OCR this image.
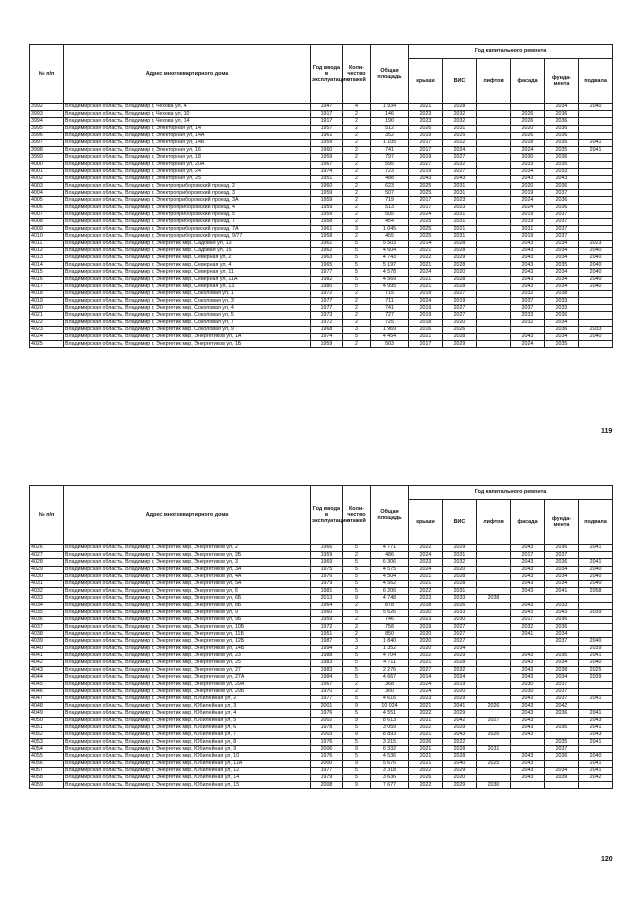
№ п/п	Адрес многоквартирного дома	Год ввода в эксплуатацию	Коли-чество этажей	Общая площадь	Год капитального ремонта					
					крыши	ВИС	лифтов	фасада	фунда-мента	подвала
3992	Владимирская область, Владимир г, Чехова ул, 4	1947	4	1 934	2021	2028			2034	2040
3993	Владимирская область, Владимир г, Чехова ул, 10	1917	2	146	2023	2032		2026	2036	
3994	Владимирская область, Владимир г, Чехова ул, 14	1917	2	190	2023	2032		2026	2036	
3995	Владимирская область, Владимир г, Электорная ул, 14	1957	2	512	2026	2031		2020	2036	
3996	Владимирская область, Владимир г, Электорная ул, 14А	1961	2	352	2019	2025		2026	2036	
3997	Владимирская область, Владимир г, Электорная ул, 14Б	1959	2	1 105	2017	2022		2028	2035	2041
3998	Владимирская область, Владимир г, Электорная ул, 16	1960	2	741	2017	2024		2024	2035	2041
3999	Владимирская область, Владимир г, Электорная ул, 18	1959	2	797	2019	2027		2030	2036	
4000	Владимирская область, Владимир г, Электорная ул, 20А	1967	2	595	2027	2032		2033	2035	
4001	Владимирская область, Владимир г, Электорная ул, 24	1974	2	723	2019	2027		2034	2033	
4002	Владимирская область, Владимир г, Электорная ул, 25	1951	2	488	2043	2043		2043	2043	
4003	Владимирская область, Владимир г, Электроприборовский проезд, 2	1960	2	623	2025	2031		2020	2036	
4004	Владимирская область, Владимир г, Электроприборовский проезд, 3	1959	2	507	2025	2031		2019	2037	
4005	Владимирская область, Владимир г, Электроприборовский проезд, 3А	1959	2	719	2017	2023		2024	2036	
4006	Владимирская область, Владимир г, Электроприборовский проезд, 4	1959	2	513	2017	2023		2024	2036	
4007	Владимирская область, Владимир г, Электроприборовский проезд, 5	1959	2	505	2024	2031		2019	2037	
4008	Владимирская область, Владимир г, Электроприборовский проезд, 7	1958	2	454	2025	2031		2019	2037	
4009	Владимирская область, Владимир г, Электроприборовский проезд, 7А	1961	3	1 045	2025	2021		2031	2037	
4010	Владимирская область, Владимир г, Электроприборовский проезд, 9/77	1958	2	455	2025	2031		2019	2037	
4011	Владимирская область, Владимир г, Энергетик мкр, Садовая ул, 13	1961	5	5 503	2014	2028		2043	2034	2023
4012	Владимирская область, Владимир г, Энергетик мкр, Садовая ул, 15	1962	5	4 604	2021	2028		2043	2034	2040
4013	Владимирская область, Владимир г, Энергетик мкр, Северная ул, 2	1963	5	4 743	2022	2029		2043	2034	2040
4014	Владимирская область, Владимир г, Энергетик мкр, Северная ул, 4	1965	5	5 197	2021	2028		2043	2035	2040
4015	Владимирская область, Владимир г, Энергетик мкр, Северная ул, 11	1977	5	4 578	2024	2020		2043	2034	2040
4016	Владимирская область, Владимир г, Энергетик мкр, Северная ул, 11А	1982	5	4 569	2021	2028		2043	2034	2040
4017	Владимирская область, Владимир г, Энергетик мкр, Северная ул, 13	1980	5	4 995	2021	2028		2043	2034	2040
4018	Владимирская область, Владимир г, Энергетик мкр, Соколовая ул, 1	1972	2	715	2019	2027		2032	2038	
4019	Владимирская область, Владимир г, Энергетик мкр, Соколовая ул, 3	1977	2	711	2024	2019		2037	2033	
4020	Владимирская область, Владимир г, Энергетик мкр, Соколовая ул, 4	1977	2	741	2019	2027		2037	2033	
4021	Владимирская область, Владимир г, Энергетик мкр, Соколовая ул, 5	1973	2	727	2019	2027		2033	2036	
4022	Владимирская область, Владимир г, Энергетик мкр, Соколовая ул, 7	1972	2	725	2018	2020		2032	2034	
4023	Владимирская область, Владимир г, Энергетик мкр, Соколовая ул, 9	1968	3	1 969	2016	2026			2036	2033
4024	Владимирская область, Владимир г, Энергетик мкр, Энергетиков ул, 1А	1974	5	4 454	2021	2028		2043	2034	2040
4025	Владимирская область, Владимир г, Энергетик мкр, Энергетиков ул, 1Б	1959	2	503	2017	2029		2024	2035	
119
№ п/п	Адрес многоквартирного дома	Год ввода в эксплуатацию	Коли-чество этажей	Общая площадь	Год капитального ремонта					
					крыши	ВИС	лифтов	фасада	фунда-мента	подвала
4026	Владимирская область, Владимир г, Энергетик мкр, Энергетиков ул, 2	1966	5	4 771	2022	2029		2043	2036	2041
4027	Владимирская область, Владимир г, Энергетик мкр, Энергетиков ул, 2Б	1959	2	486	2024	2031		2017	2037	
4028	Владимирская область, Владимир г, Энергетик мкр, Энергетиков ул, 3	1969	5	6 306	2023	2032		2043	2036	2041
4029	Владимирская область, Владимир г, Энергетик мкр, Энергетиков ул, 3А	1975	5	4 575	2024	2020		2043	2034	2040
4030	Владимирская область, Владимир г, Энергетик мкр, Энергетиков ул, 4А	1976	5	4 504	2021	2028		2043	2034	2040
4031	Владимирская область, Владимир г, Энергетик мкр, Энергетиков ул, 5А	1979	5	4 562	2021	2028		2043	2034	2040
4032	Владимирская область, Владимир г, Энергетик мкр, Энергетиков ул, 6	1981	5	6 206	2022	2031		2043	2041	2058
4033	Владимирская область, Владимир г, Энергетик мкр, Энергетиков ул, 6Б	2013	9	4 748	2023	2033	2038			
4034	Владимирская область, Владимир г, Энергетик мкр, Энергетиков ул, 8Б	1964	2	878	2018	2026		2043	2033	
4035	Владимирская область, Владимир г, Энергетик мкр, Энергетиков ул, 9	1960	5	5 626	2020	2033		2043	2043	2039
4036	Владимирская область, Владимир г, Энергетик мкр, Энергетиков ул, 9Б	1959	2	746	2023	2030		2017	2036	
4037	Владимирская область, Владимир г, Энергетик мкр, Энергетиков ул, 10Б	1972	2	758	2019	2027		2032	2036	
4038	Владимирская область, Владимир г, Энергетик мкр, Энергетиков ул, 11Б	1951	2	850	2020	2027		2041	2034	
4039	Владимирская область, Владимир г, Энергетик мкр, Энергетиков ул, 12Б	1987	3	1 840	2020	2027			2037	2040
4040	Владимирская область, Владимир г, Энергетик мкр, Энергетиков ул, 14Б	1994	3	1 352	2020	2034				2039
4041	Владимирская область, Владимир г, Энергетик мкр, Энергетиков ул, 23	1988	5	4 704	2022	2029		2043	2036	2041
4042	Владимирская область, Владимир г, Энергетик мкр, Энергетиков ул, 25	1983	5	4 711	2021	2028		2043	2034	2040
4043	Владимирская область, Владимир г, Энергетик мкр, Энергетиков ул, 27	1983	5	2 276	2027	2032		2043	2038	2025
4044	Владимирская область, Владимир г, Энергетик мкр, Энергетиков ул, 27А	1984	5	4 667	2014	2024		2043	2034	2039
4045	Владимирская область, Владимир г, Энергетик мкр, Энергетиков ул, 29А	1967	2	368	2024	2019		2030	2037	
4046	Владимирская область, Владимир г, Энергетик мкр, Энергетиков ул, 29Б	1970	2	360	2024	2020		2030	2037	
4047	Владимирская область, Владимир г, Энергетик мкр, Юбилейная ул, 2	1977	5	4 616	2023	2029		2043	2037	2041
4048	Владимирская область, Владимир г, Энергетик мкр, Юбилейная ул, 3	2001	9	10 024	2021	2041	2026	2043	2042	
4049	Владимирская область, Владимир г, Энергетик мкр, Юбилейная ул, 4	1976	5	4 551	2022	2029		2043	2036	2041
4050	Владимирская область, Владимир г, Энергетик мкр, Юбилейная ул, 5	2002	9	8 613	2021	2042	2027	2043		2043
4051	Владимирская область, Владимир г, Энергетик мкр, Юбилейная ул, 6	1978	5	3 059	2022	2029		2043	2036	2041
4052	Владимирская область, Владимир г, Энергетик мкр, Юбилейная ул, 7	2003	9	8 893	2021	2043	2026	2043		2043
4053	Владимирская область, Владимир г, Энергетик мкр, Юбилейная ул, 8	1976	5	3 215	2026	2022			2035	2041
4054	Владимирская область, Владимир г, Энергетик мкр, Юбилейная ул, 9	2006	9	6 332	2021	2028	2031		2037	
4055	Владимирская область, Владимир г, Энергетик мкр, Юбилейная ул, 10	1976	5	4 536	2021	2028		2043	2036	2040
4056	Владимирская область, Владимир г, Энергетик мкр, Юбилейная ул, 11А	2000	9	5 676	2021	2040	2025	2043		2041
4057	Владимирская область, Владимир г, Энергетик мкр, Юбилейная ул, 12	1977	5	3 318	2022	2029		2043	2034	2041
4058	Владимирская область, Владимир г, Энергетик мкр, Юбилейная ул, 14	1979	5	3 636	2026	2020		2043	2039	2042
4059	Владимирская область, Владимир г, Энергетик мкр, Юбилейная ул, 15	2008	9	7 677	2022	2029	2030			
120
